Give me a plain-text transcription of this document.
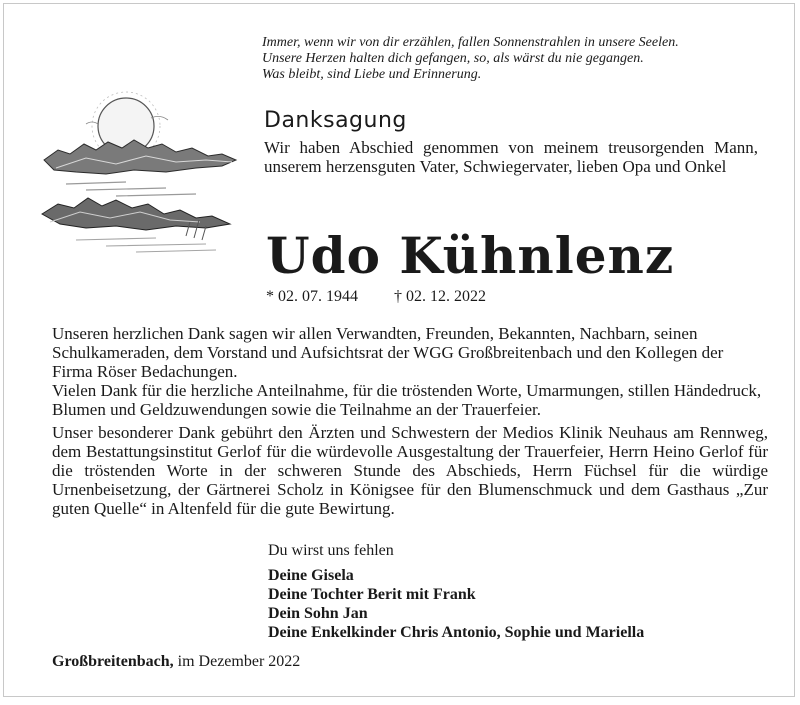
Immer, wenn wir von dir erzählen, fallen Sonnenstrahlen in unsere Seelen.
Unsere Herzen halten dich gefangen, so, als wärst du nie gegangen.
Was bleibt, sind Liebe und Erinnerung.
Danksagung
Wir haben Abschied genommen von meinem treusorgenden Mann, unserem herzensguten Vater, Schwiegervater, lieben Opa und Onkel
Udo Kühnlenz
* 02. 07. 1944 † 02. 12. 2022

Unseren herzlichen Dank sagen wir allen Verwandten, Freunden, Bekannten, Nachbarn, seinen Schulkameraden, dem Vorstand und Aufsichtsrat der WGG Großbreitenbach und den Kollegen der Firma Röser Bedachungen.

Vielen Dank für die herzliche Anteilnahme, für die tröstenden Worte, Umarmungen, stillen Händedruck, Blumen und Geldzuwendungen sowie die Teilnahme an der Trauerfeier.

Unser besonderer Dank gebührt den Ärzten und Schwestern der Medios Klinik Neuhaus am Rennweg, dem Bestattungsinstitut Gerlof für die würdevolle Ausgestaltung der Trauerfeier, Herrn Heino Gerlof für die tröstenden Worte in der schweren Stunde des Abschieds, Herrn Füchsel für die würdige Urnenbeisetzung, der Gärtnerei Scholz in Königsee für den Blumenschmuck und dem Gasthaus „Zur guten Quelle“ in Altenfeld für die gute Bewirtung.

Du wirst uns fehlen
Deine Gisela
Deine Tochter Berit mit Frank
Dein Sohn Jan
Deine Enkelkinder Chris Antonio, Sophie und Mariella
Großbreitenbach, im Dezember 2022
